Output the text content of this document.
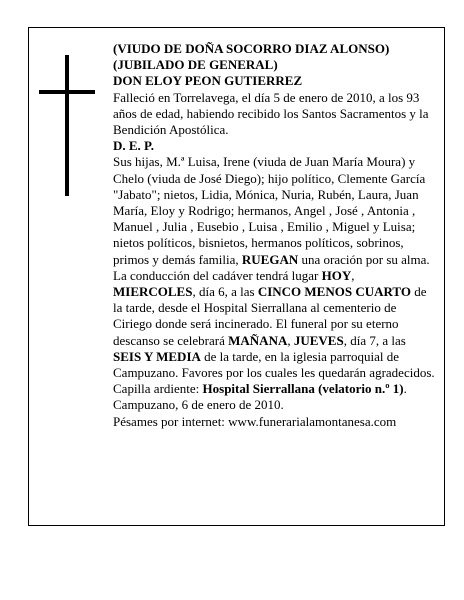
(VIUDO DE DOÑA SOCORRO DIAZ ALONSO)

(JUBILADO DE GENERAL)

DON ELOY PEON GUTIERREZ

Falleció en Torrelavega, el día 5 de enero de 2010, a los 93 años de edad, habiendo recibido los Santos Sacramentos y la Bendición Apostólica.

D. E. P.

Sus hijas, M.ª Luisa, Irene (viuda de Juan María Moura) y Chelo (viuda de José Diego); hijo político, Clemente García "Jabato"; nietos, Lidia, Mónica, Nuria, Rubén, Laura, Juan María, Eloy y Rodrigo; hermanos, Angel , José , Antonia , Manuel , Julia , Eusebio , Luisa , Emilio , Miguel y Luisa; nietos políticos, bisnietos, hermanos políticos, sobrinos, primos y demás familia, RUEGAN una oración por su alma. La conducción del cadáver tendrá lugar HOY, MIERCOLES, día 6, a las CINCO MENOS CUARTO de la tarde, desde el Hospital Sierrallana al cementerio de Ciriego donde será incinerado. El funeral por su eterno descanso se celebrará MAÑANA, JUEVES, día 7, a las SEIS Y MEDIA de la tarde, en la iglesia parroquial de Campuzano. Favores por los cuales les quedarán agradecidos. Capilla ardiente: Hospital Sierrallana (velatorio n.º 1).

Campuzano, 6 de enero de 2010.

Pésames por internet: www.funerarialamontanesa.com
